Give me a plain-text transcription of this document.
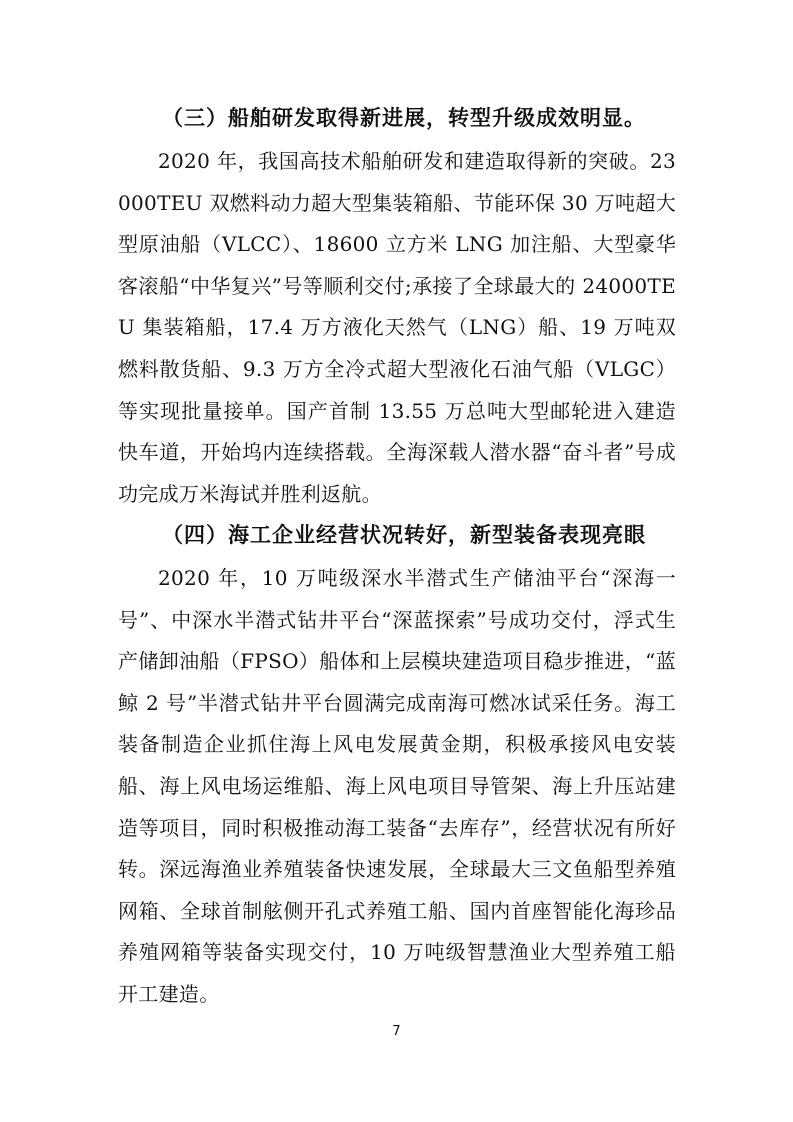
（三）船舶研发取得新进展，转型升级成效明显。
2020 年，我国高技术船舶研发和建造取得新的突破。23000TEU 双燃料动力超大型集装箱船、节能环保 30 万吨超大型原油船（VLCC）、18600 立方米 LNG 加注船、大型豪华客滚船“中华复兴”号等顺利交付;承接了全球最大的 24000TEU 集装箱船，17.4 万方液化天然气（LNG）船、19 万吨双燃料散货船、9.3 万方全冷式超大型液化石油气船（VLGC）等实现批量接单。国产首制 13.55 万总吨大型邮轮进入建造快车道，开始坞内连续搭载。全海深载人潜水器“奋斗者”号成功完成万米海试并胜利返航。
（四）海工企业经营状况转好，新型装备表现亮眼
2020 年，10 万吨级深水半潜式生产储油平台“深海一号”、中深水半潜式钻井平台“深蓝探索”号成功交付，浮式生产储卸油船（FPSO）船体和上层模块建造项目稳步推进，“蓝鲸 2 号”半潜式钻井平台圆满完成南海可燃冰试采任务。海工装备制造企业抓住海上风电发展黄金期，积极承接风电安装船、海上风电场运维船、海上风电项目导管架、海上升压站建造等项目，同时积极推动海工装备“去库存”，经营状况有所好转。深远海渔业养殖装备快速发展，全球最大三文鱼船型养殖网箱、全球首制舷侧开孔式养殖工船、国内首座智能化海珍品养殖网箱等装备实现交付，10 万吨级智慧渔业大型养殖工船开工建造。
7
